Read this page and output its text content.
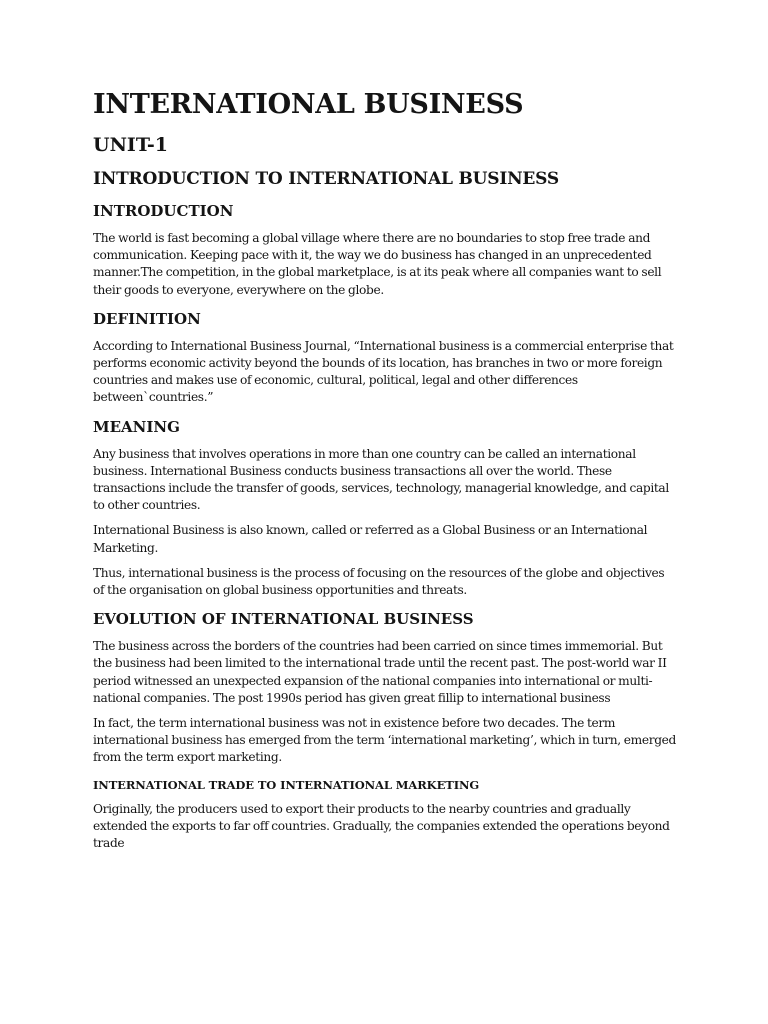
INTERNATIONAL BUSINESS
UNIT-1
INTRODUCTION TO INTERNATIONAL BUSINESS
INTRODUCTION

The world is fast becoming a global village where there are no boundaries to stop free trade and communication. Keeping pace with it, the way we do business has changed in an unprecedented manner.The competition, in the global marketplace, is at its peak where all companies want to sell their goods to everyone, everywhere on the globe.

DEFINITION

According to International Business Journal, “International business is a commercial enterprise that performs economic activity beyond the bounds of its location, has branches in two or more foreign countries and makes use of economic, cultural, political, legal and other differences between`countries.”

MEANING

Any business that involves operations in more than one country can be called an international business. International Business conducts business transactions all over the world. These transactions include the transfer of goods, services, technology, managerial knowledge, and capital to other countries.

International Business is also known, called or referred as a Global Business or an International Marketing.

Thus, international business is the process of focusing on the resources of the globe and objectives of the organisation on global business opportunities and threats.

EVOLUTION OF INTERNATIONAL BUSINESS

The business across the borders of the countries had been carried on since times immemorial. But the business had been limited to the international trade until the recent past. The post-world war II period witnessed an unexpected expansion of the national companies into international or multi-national companies. The post 1990s period has given great fillip to international business

In fact, the term international business was not in existence before two decades. The term international business has emerged from the term ‘international marketing’, which in turn, emerged from the term export marketing.

INTERNATIONAL TRADE TO INTERNATIONAL MARKETING

Originally, the producers used to export their products to the nearby countries and gradually extended the exports to far off countries. Gradually, the companies extended the operations beyond trade
